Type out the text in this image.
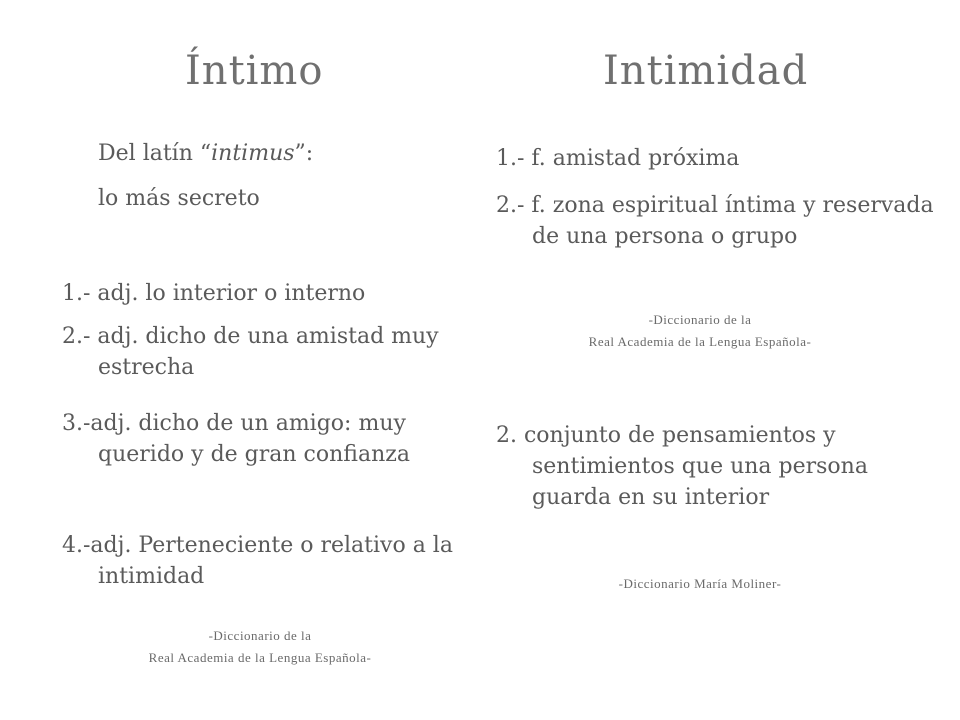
Íntimo

Del latín “intimus”:

lo más secreto

1.- adj. lo interior o interno
2.- adj. dicho de una amistad muy estrecha
3.-adj. dicho de un amigo: muy querido y de gran confianza
4.-adj. Perteneciente o relativo a la intimidad
-Diccionario de la
Real Academia de la Lengua Española-
Intimidad
1.- f. amistad próxima
2.- f. zona espiritual íntima y reservada de una persona o grupo
-Diccionario de la
Real Academia de la Lengua Española-
2. conjunto de pensamientos y sentimientos que una persona guarda en su interior
-Diccionario María Moliner-
